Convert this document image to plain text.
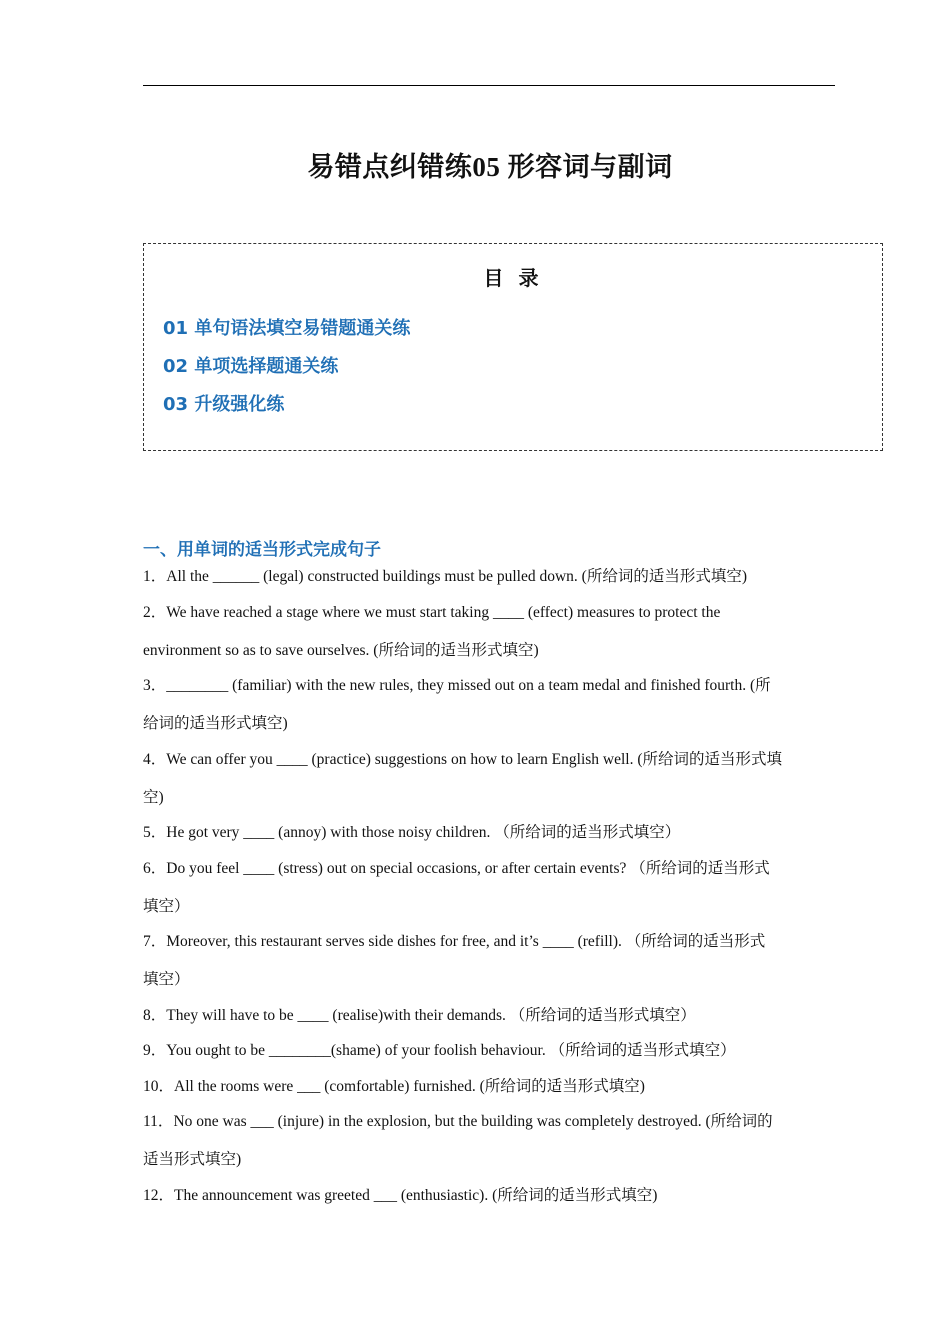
易错点纠错练05 形容词与副词
目 录
01 单句语法填空易错题通关练
02 单项选择题通关练
03 升级强化练
一、用单词的适当形式完成句子
1．All the ______ (legal) constructed buildings must be pulled down. (所给词的适当形式填空)
2．We have reached a stage where we must start taking ____ (effect) measures to protect the
environment so as to save ourselves. (所给词的适当形式填空)
3．________ (familiar) with the new rules, they missed out on a team medal and finished fourth. (所
给词的适当形式填空)
4．We can offer you ____ (practice) suggestions on how to learn English well. (所给词的适当形式填
空)
5．He got very ____ (annoy) with those noisy children. （所给词的适当形式填空）
6．Do you feel ____ (stress) out on special occasions, or after certain events? （所给词的适当形式
填空）
7．Moreover, this restaurant serves side dishes for free, and it’s ____ (refill). （所给词的适当形式
填空）
8．They will have to be ____ (realise)with their demands. （所给词的适当形式填空）
9．You ought to be ________(shame) of your foolish behaviour. （所给词的适当形式填空）
10．All the rooms were ___ (comfortable) furnished. (所给词的适当形式填空)
11．No one was ___ (injure) in the explosion, but the building was completely destroyed. (所给词的
适当形式填空)
12．The announcement was greeted ___ (enthusiastic). (所给词的适当形式填空)
